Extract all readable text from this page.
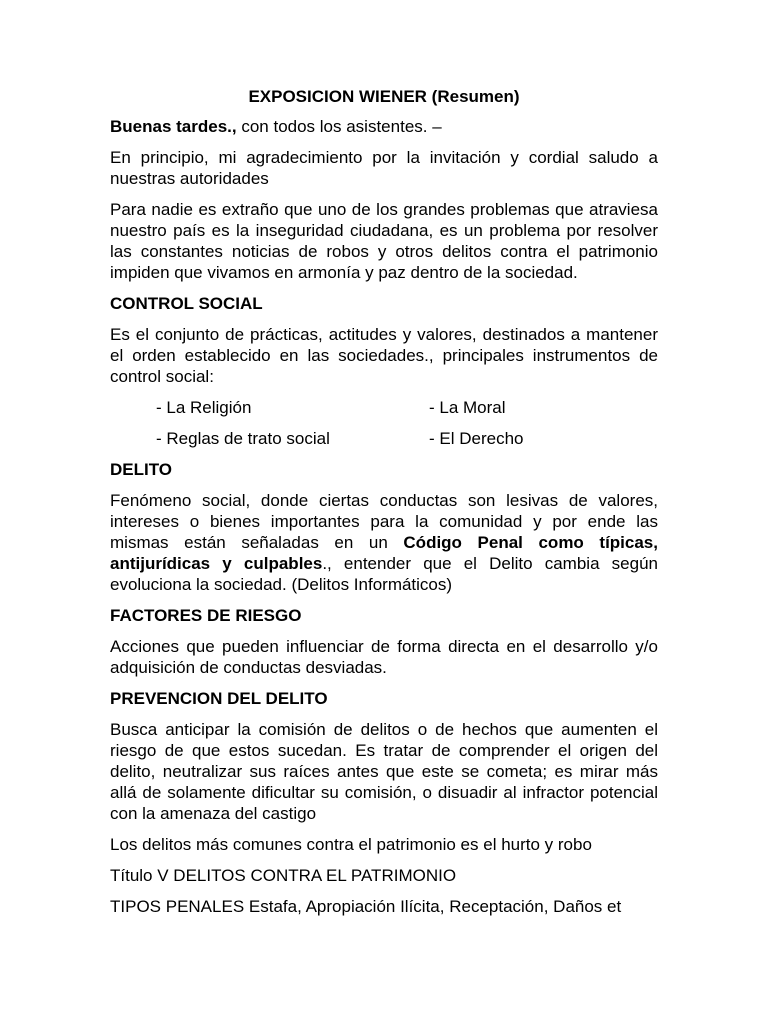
EXPOSICION WIENER (Resumen)

Buenas tardes., con todos los asistentes. –

En principio, mi agradecimiento por la invitación y cordial saludo a nuestras autoridades

Para nadie es extraño que uno de los grandes problemas que atraviesa nuestro país es la inseguridad ciudadana, es un problema por resolver las constantes noticias de robos y otros delitos contra el patrimonio impiden que vivamos en armonía y paz dentro de la sociedad.

CONTROL SOCIAL

Es el conjunto de prácticas, actitudes y valores, destinados a mantener el orden establecido en las sociedades., principales instrumentos de control social:

- La Religión	- La Moral
- Reglas de trato social	- El Derecho
DELITO

Fenómeno social, donde ciertas conductas son lesivas de valores, intereses o bienes importantes para la comunidad y por ende las mismas están señaladas en un Código Penal como típicas, antijurídicas y culpables., entender que el Delito cambia según evoluciona la sociedad. (Delitos Informáticos)

FACTORES DE RIESGO

Acciones que pueden influenciar de forma directa en el desarrollo y/o adquisición de conductas desviadas.

PREVENCION DEL DELITO

Busca anticipar la comisión de delitos o de hechos que aumenten el riesgo de que estos sucedan. Es tratar de comprender el origen del delito, neutralizar sus raíces antes que este se cometa; es mirar más allá de solamente dificultar su comisión, o disuadir al infractor potencial con la amenaza del castigo

Los delitos más comunes contra el patrimonio es el hurto y robo

Título V DELITOS CONTRA EL PATRIMONIO

TIPOS PENALES Estafa, Apropiación Ilícita, Receptación, Daños et
